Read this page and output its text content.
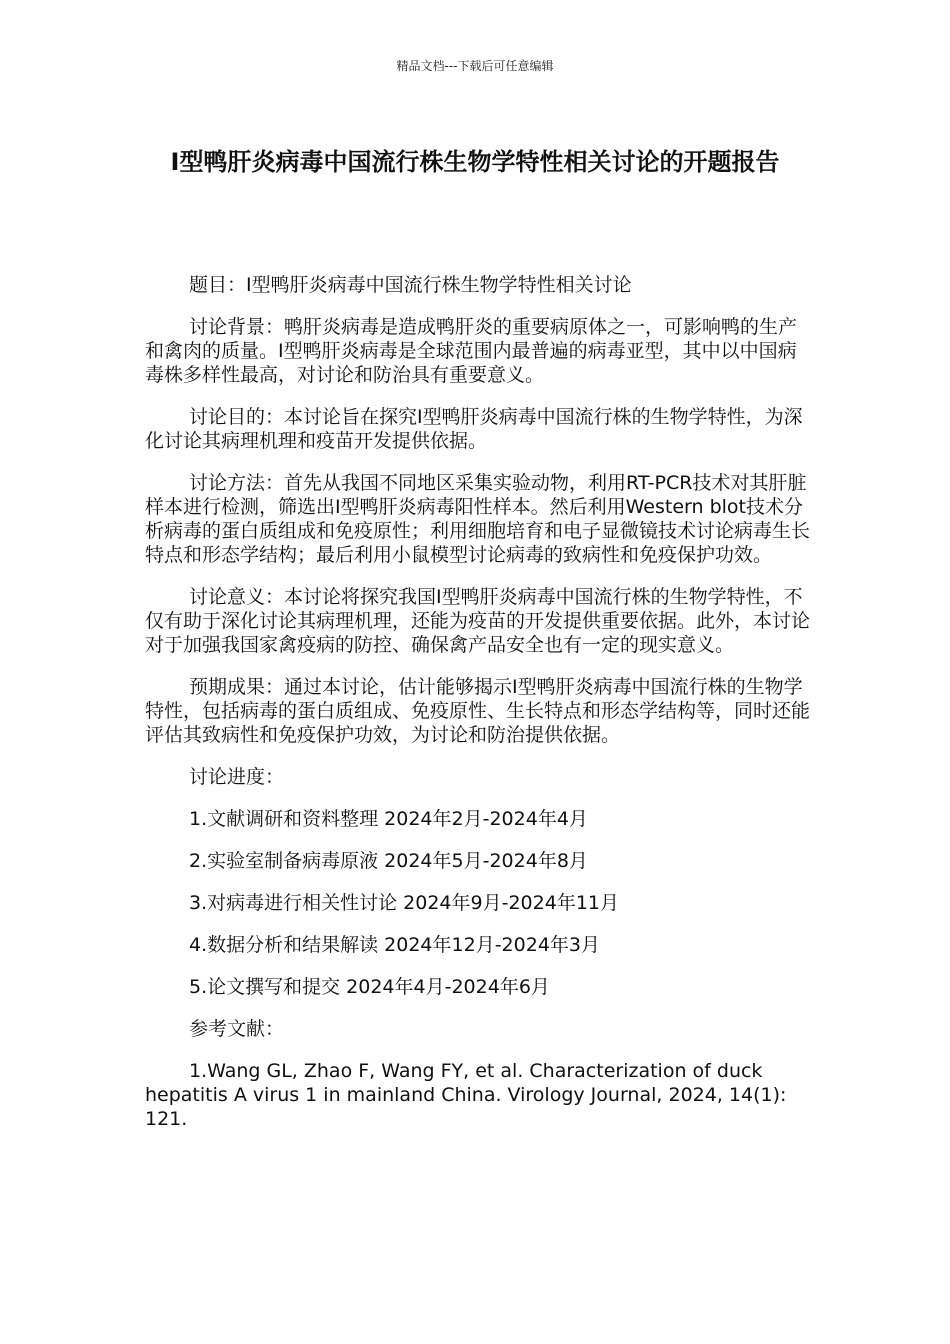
精品文档---下载后可任意编辑
I型鸭肝炎病毒中国流行株生物学特性相关讨论的开题报告

题目：I型鸭肝炎病毒中国流行株生物学特性相关讨论

讨论背景：鸭肝炎病毒是造成鸭肝炎的重要病原体之一，可影响鸭的生产和禽肉的质量。I型鸭肝炎病毒是全球范围内最普遍的病毒亚型，其中以中国病毒株多样性最高，对讨论和防治具有重要意义。

讨论目的：本讨论旨在探究I型鸭肝炎病毒中国流行株的生物学特性，为深化讨论其病理机理和疫苗开发提供依据。

讨论方法：首先从我国不同地区采集实验动物，利用RT-PCR技术对其肝脏样本进行检测，筛选出I型鸭肝炎病毒阳性样本。然后利用Western blot技术分析病毒的蛋白质组成和免疫原性；利用细胞培育和电子显微镜技术讨论病毒生长特点和形态学结构；最后利用小鼠模型讨论病毒的致病性和免疫保护功效。

讨论意义：本讨论将探究我国I型鸭肝炎病毒中国流行株的生物学特性，不仅有助于深化讨论其病理机理，还能为疫苗的开发提供重要依据。此外，本讨论对于加强我国家禽疫病的防控、确保禽产品安全也有一定的现实意义。

预期成果：通过本讨论，估计能够揭示I型鸭肝炎病毒中国流行株的生物学特性，包括病毒的蛋白质组成、免疫原性、生长特点和形态学结构等，同时还能评估其致病性和免疫保护功效，为讨论和防治提供依据。

讨论进度：

1.文献调研和资料整理 2024年2月-2024年4月

2.实验室制备病毒原液 2024年5月-2024年8月

3.对病毒进行相关性讨论 2024年9月-2024年11月

4.数据分析和结果解读 2024年12月-2024年3月

5.论文撰写和提交 2024年4月-2024年6月

参考文献：

1.Wang GL, Zhao F, Wang FY, et al. Characterization of duck hepatitis A virus 1 in mainland China. Virology Journal, 2024, 14(1): 121.
